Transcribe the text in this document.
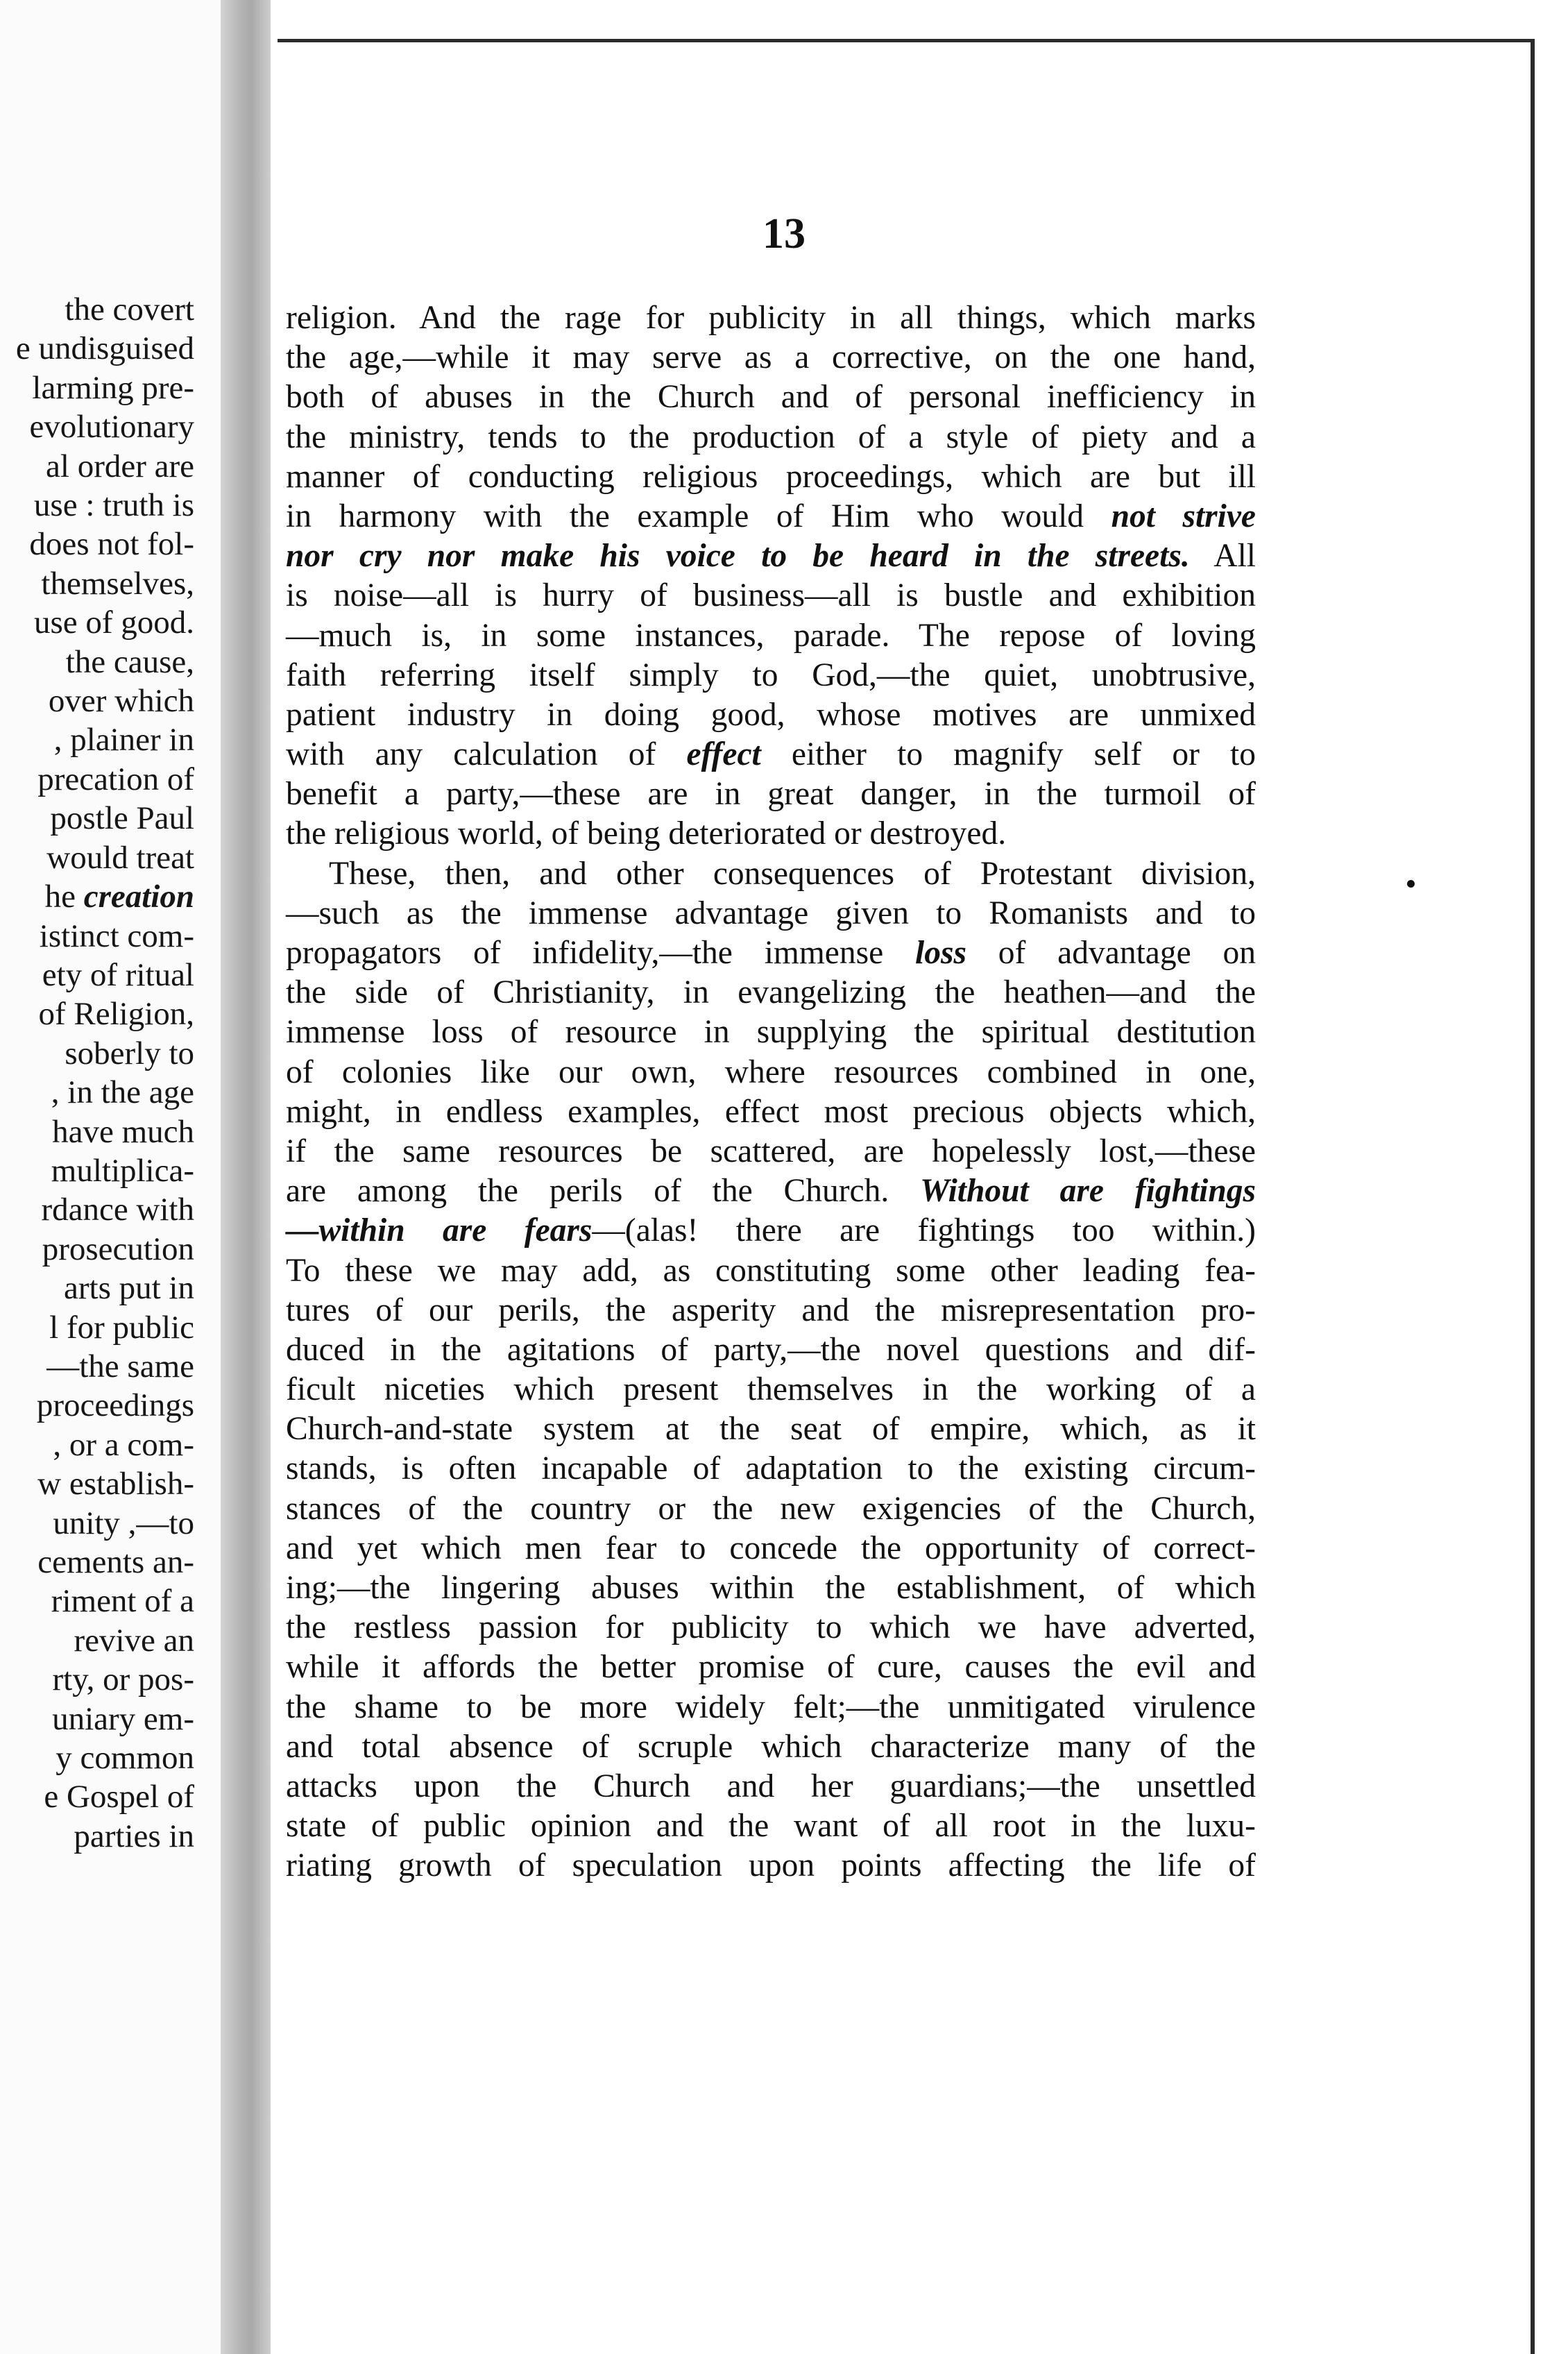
the covert
e undisguised
larming pre-
evolutionary
al order are
use : truth is
does not fol-
themselves,
use of good.
the cause,
over which
, plainer in
precation of
postle Paul
would treat
he creation
istinct com-
ety of ritual
of Religion,
soberly to
, in the age
have much
multiplica-
rdance with
prosecution
arts put in
l for public
—the same
proceedings
, or a com-
w establish-
unity ,—to
cements an-
riment of a
revive an
rty, or pos-
uniary em-
y common
e Gospel of
parties in
13
religion. And the rage for publicity in all things, which marks
the age,—while it may serve as a corrective, on the one hand,
both of abuses in the Church and of personal inefficiency in
the ministry, tends to the production of a style of piety and a
manner of conducting religious proceedings, which are but ill
in harmony with the example of Him who would not strive
nor cry nor make his voice to be heard in the streets. All
is noise—all is hurry of business—all is bustle and exhibition
—much is, in some instances, parade. The repose of loving
faith referring itself simply to God,—the quiet, unobtrusive,
patient industry in doing good, whose motives are unmixed
with any calculation of effect either to magnify self or to
benefit a party,—these are in great danger, in the turmoil of
the religious world, of being deteriorated or destroyed.
These, then, and other consequences of Protestant division,
—such as the immense advantage given to Romanists and to
propagators of infidelity,—the immense loss of advantage on
the side of Christianity, in evangelizing the heathen—and the
immense loss of resource in supplying the spiritual destitution
of colonies like our own, where resources combined in one,
might, in endless examples, effect most precious objects which,
if the same resources be scattered, are hopelessly lost,—these
are among the perils of the Church. Without are fightings
—within are fears—(alas! there are fightings too within.)
To these we may add, as constituting some other leading fea-
tures of our perils, the asperity and the misrepresentation pro-
duced in the agitations of party,—the novel questions and dif-
ficult niceties which present themselves in the working of a
Church-and-state system at the seat of empire, which, as it
stands, is often incapable of adaptation to the existing circum-
stances of the country or the new exigencies of the Church,
and yet which men fear to concede the opportunity of correct-
ing;—the lingering abuses within the establishment, of which
the restless passion for publicity to which we have adverted,
while it affords the better promise of cure, causes the evil and
the shame to be more widely felt;—the unmitigated virulence
and total absence of scruple which characterize many of the
attacks upon the Church and her guardians;—the unsettled
state of public opinion and the want of all root in the luxu-
riating growth of speculation upon points affecting the life of
